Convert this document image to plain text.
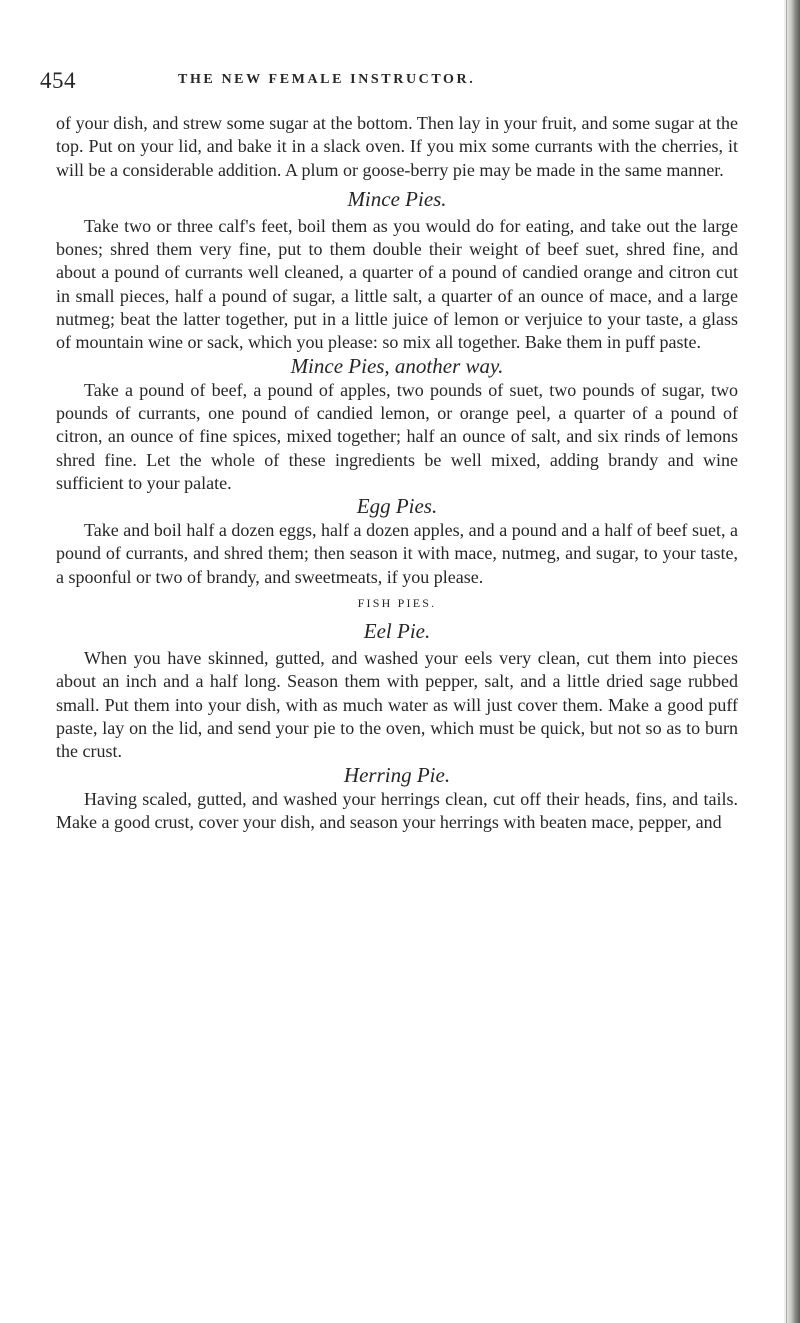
454	THE NEW FEMALE INSTRUCTOR.

of your dish, and strew some sugar at the bottom. Then lay in your fruit, and some sugar at the top. Put on your lid, and bake it in a slack oven. If you mix some currants with the cherries, it will be a considerable addition. A plum or goose-berry pie may be made in the same manner.

Mince Pies.

Take two or three calf's feet, boil them as you would do for eating, and take out the large bones; shred them very fine, put to them double their weight of beef suet, shred fine, and about a pound of currants well cleaned, a quarter of a pound of candied orange and citron cut in small pieces, half a pound of sugar, a little salt, a quarter of an ounce of mace, and a large nutmeg; beat the latter together, put in a little juice of lemon or verjuice to your taste, a glass of mountain wine or sack, which you please: so mix all together. Bake them in puff paste.

Mince Pies, another way.

Take a pound of beef, a pound of apples, two pounds of suet, two pounds of sugar, two pounds of currants, one pound of candied lemon, or orange peel, a quarter of a pound of citron, an ounce of fine spices, mixed together; half an ounce of salt, and six rinds of lemons shred fine. Let the whole of these ingredients be well mixed, adding brandy and wine sufficient to your palate.

Egg Pies.

Take and boil half a dozen eggs, half a dozen apples, and a pound and a half of beef suet, a pound of currants, and shred them; then season it with mace, nutmeg, and sugar, to your taste, a spoonful or two of brandy, and sweetmeats, if you please.

FISH PIES.
Eel Pie.

When you have skinned, gutted, and washed your eels very clean, cut them into pieces about an inch and a half long. Season them with pepper, salt, and a little dried sage rubbed small. Put them into your dish, with as much water as will just cover them. Make a good puff paste, lay on the lid, and send your pie to the oven, which must be quick, but not so as to burn the crust.

Herring Pie.

Having scaled, gutted, and washed your herrings clean, cut off their heads, fins, and tails. Make a good crust, cover your dish, and season your herrings with beaten mace, pepper, and
